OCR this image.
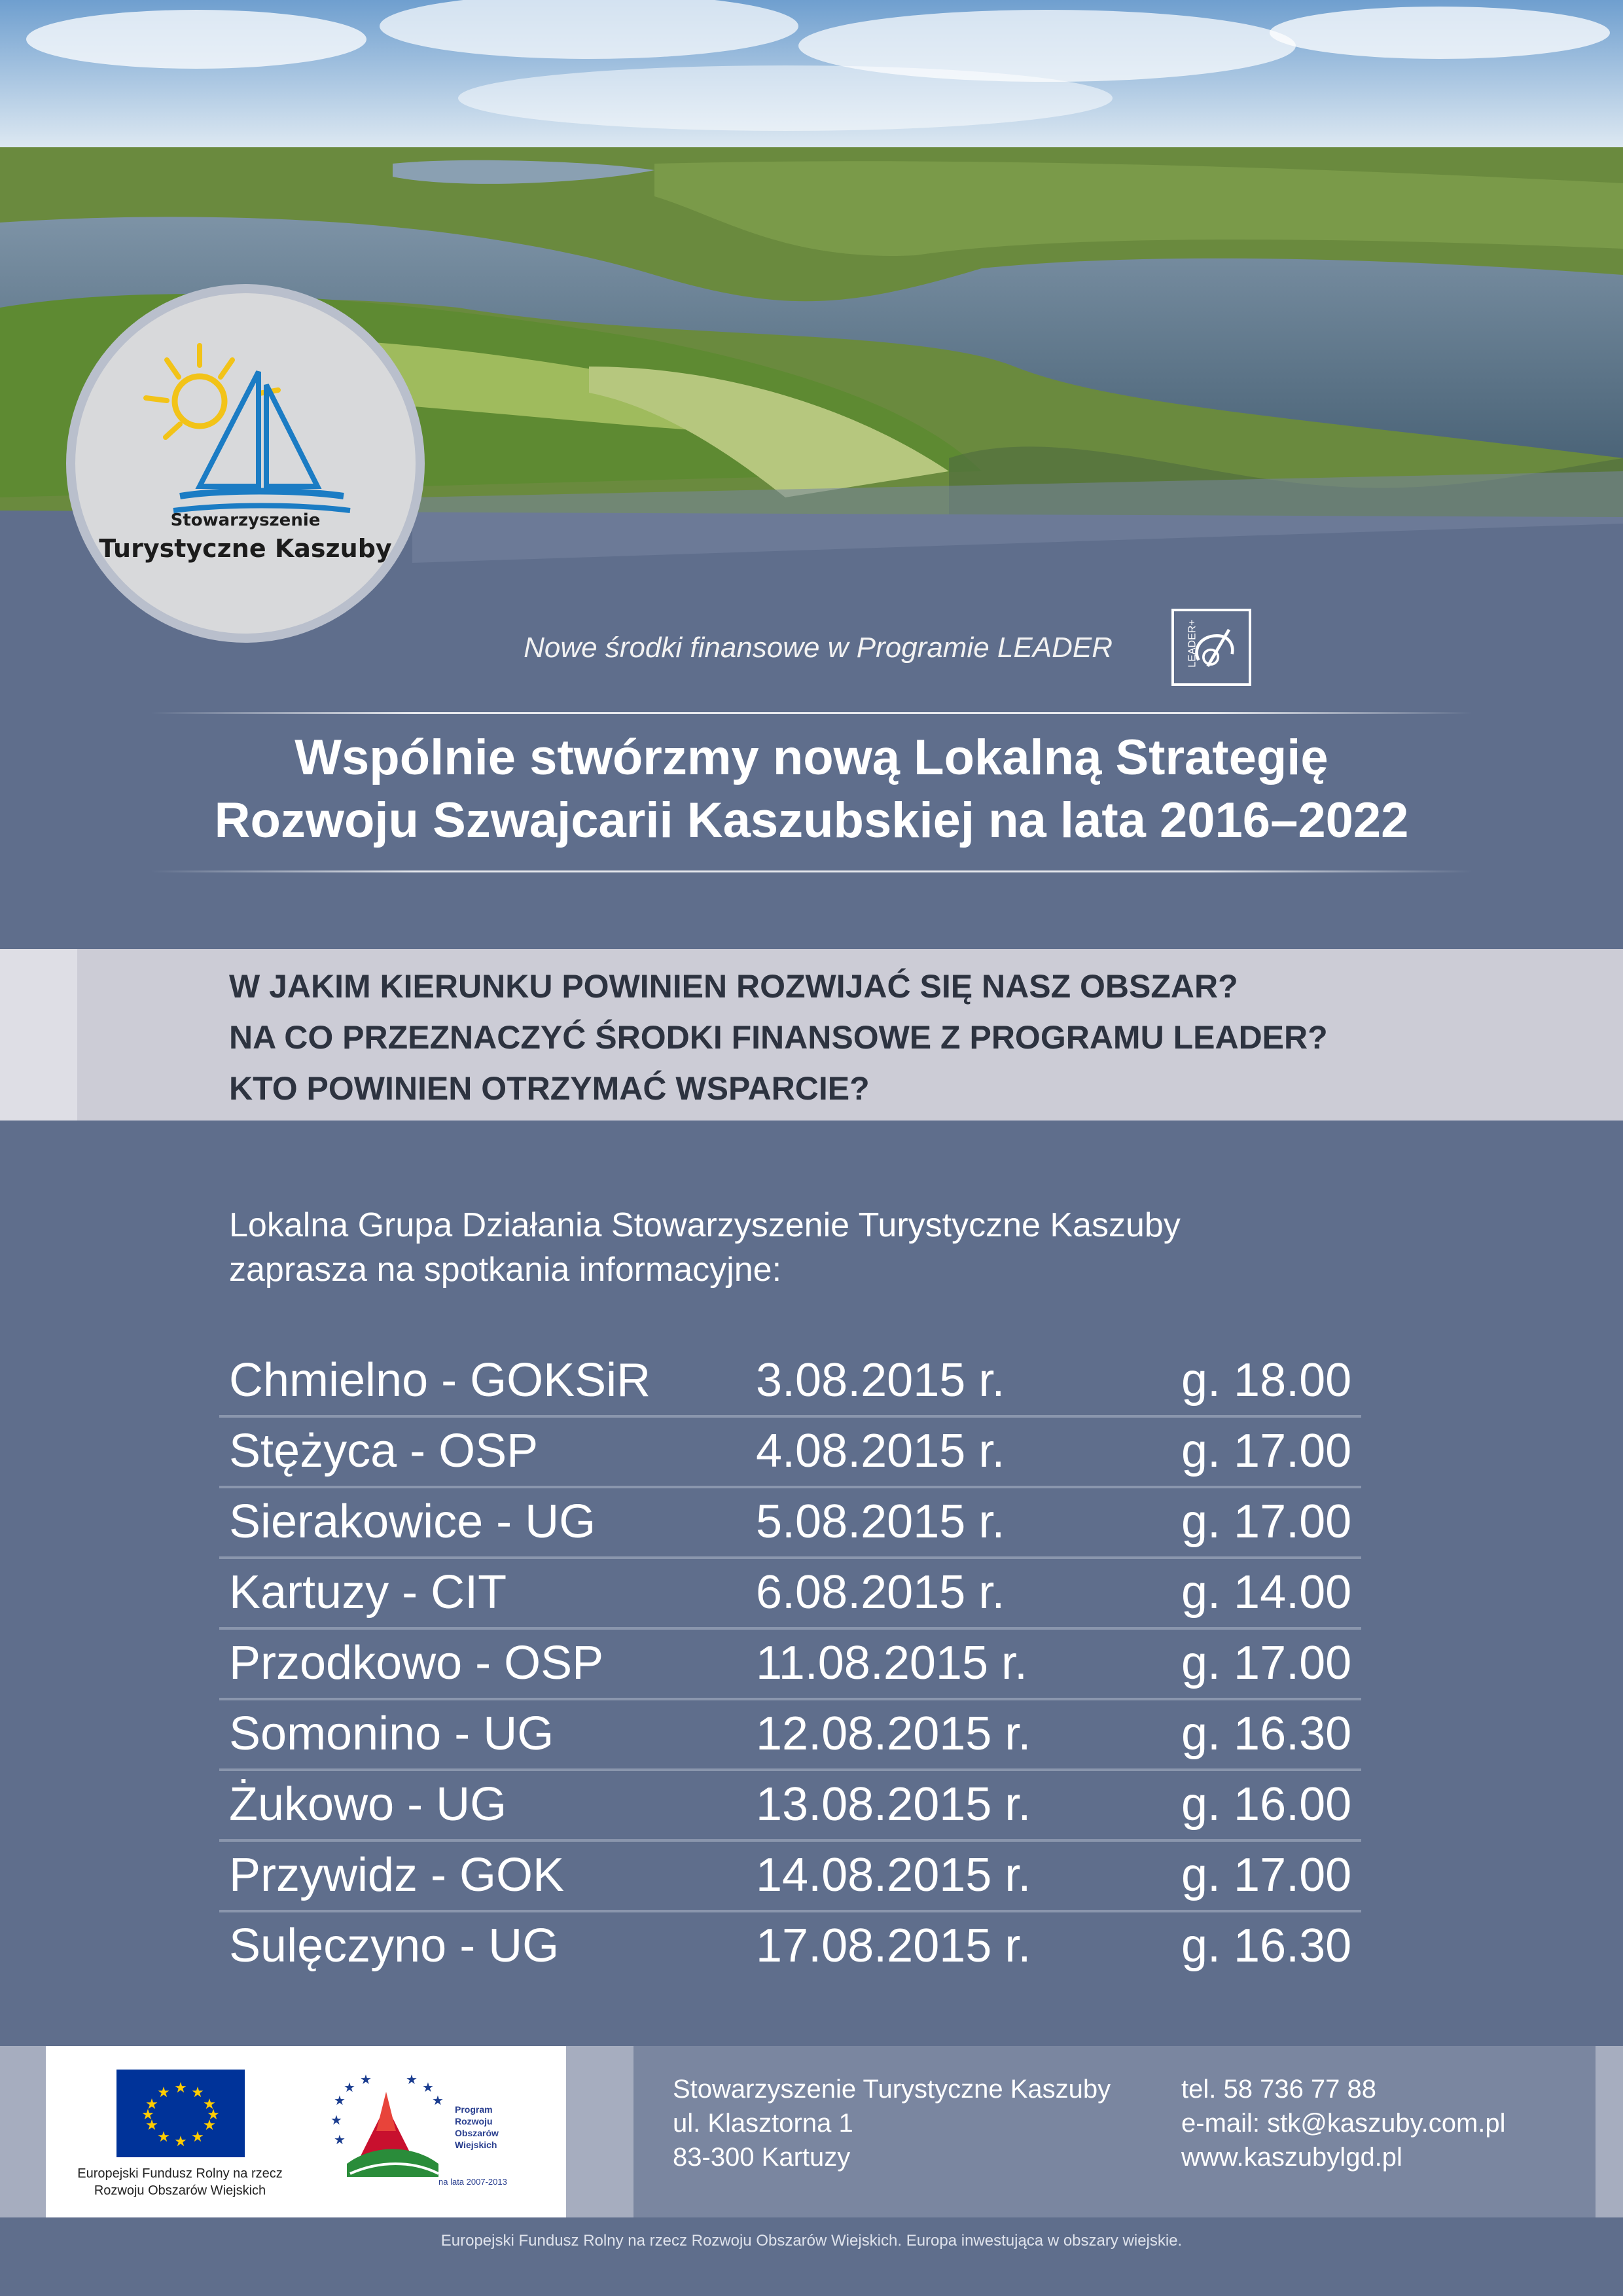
Stowarzyszenie
Turystyczne Kaszuby
Nowe środki finansowe w Programie LEADER	LEADER+
Wspólnie stwórzmy nową Lokalną Strategię
Rozwoju Szwajcarii Kaszubskiej na lata 2016–2022
W JAKIM KIERUNKU POWINIEN ROZWIJAĆ SIĘ NASZ OBSZAR?
NA CO PRZEZNACZYĆ ŚRODKI FINANSOWE Z PROGRAMU LEADER?
KTO POWINIEN OTRZYMAĆ WSPARCIE?
Lokalna Grupa Działania Stowarzyszenie Turystyczne Kaszuby
zaprasza na spotkania informacyjne:
Chmielno - GOKSiR 3.08.2015 r.	g. 18.00
Stężyca - OSP	4.08.2015 r.	g. 17.00
Sierakowice - UG	5.08.2015 r.	g. 17.00
Kartuzy - CIT	6.08.2015 r.	g. 14.00
Przodkowo - OSP	11.08.2015 r.	g. 17.00
Somonino - UG	12.08.2015 r.	g. 16.30
Żukowo - UG	13.08.2015 r.	g. 16.00
Przywidz - GOK	14.08.2015 r.	g. 17.00
Sulęczyno - UG	17.08.2015 r.	g. 16.30
★ ★
★
★
★
★
★
★
★
★
★
★
Europejski Fundusz Rolny na rzecz
Rozwoju Obszarów Wiejskich
★
★ ★	★ ★
★
★
★
Program
Rozwoju
Obszarów
Wiejskich
na lata 2007-2013
Stowarzyszenie Turystyczne Kaszuby
ul. Klasztorna 1
83-300 Kartuzy
tel. 58 736 77 88
e-mail: stk@kaszuby.com.pl
www.kaszubylgd.pl
Europejski Fundusz Rolny na rzecz Rozwoju Obszarów Wiejskich. Europa inwestująca w obszary wiejskie.
